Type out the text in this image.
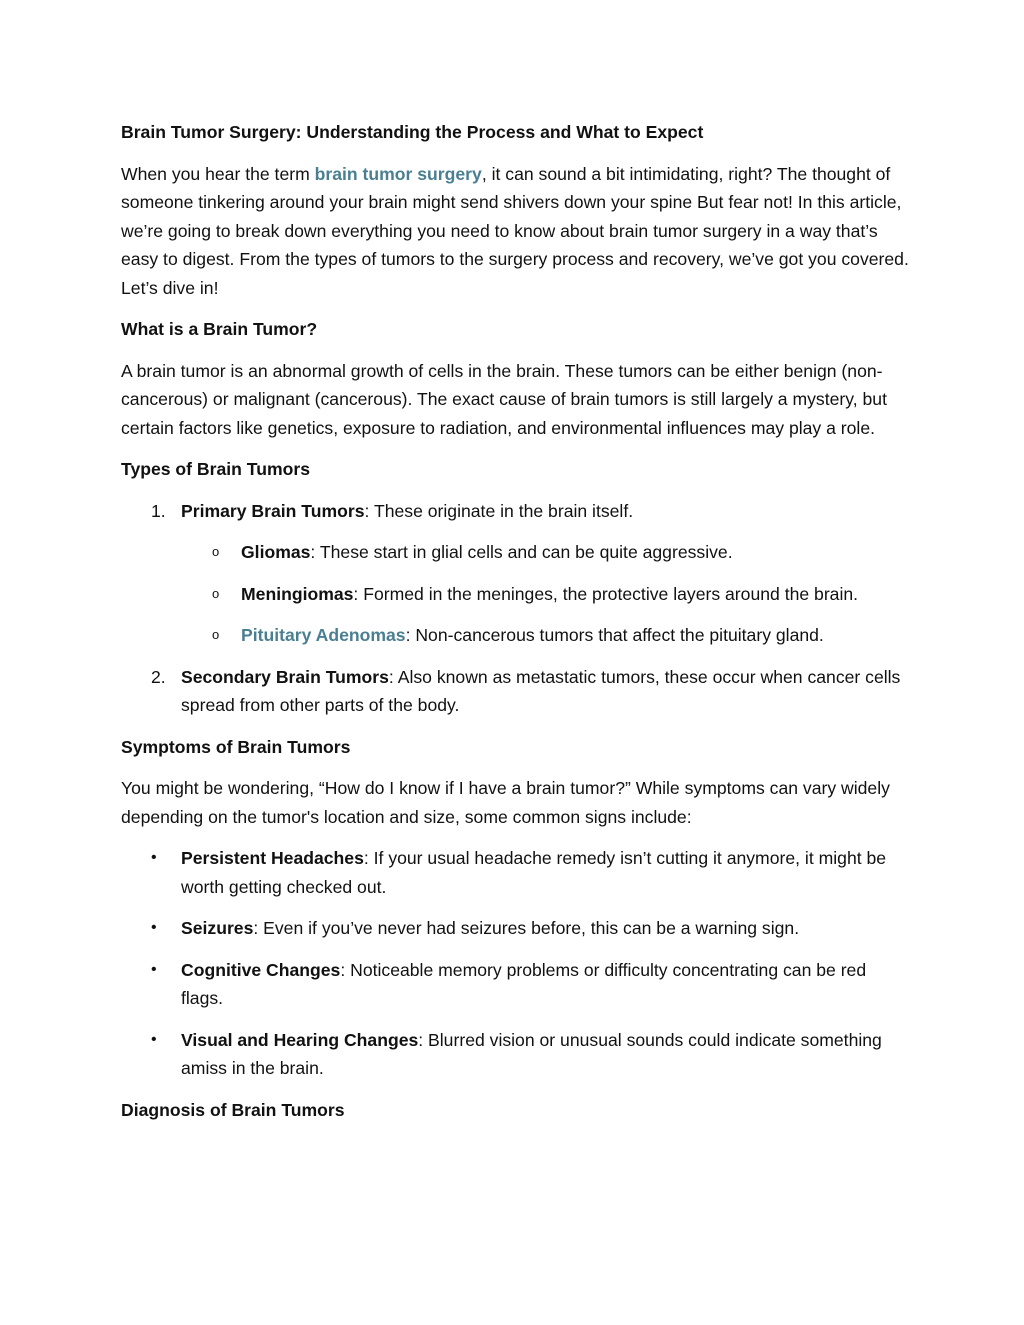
Brain Tumor Surgery: Understanding the Process and What to Expect
When you hear the term brain tumor surgery, it can sound a bit intimidating, right? The thought of someone tinkering around your brain might send shivers down your spine But fear not! In this article, we’re going to break down everything you need to know about brain tumor surgery in a way that’s easy to digest. From the types of tumors to the surgery process and recovery, we’ve got you covered. Let’s dive in!
What is a Brain Tumor?
A brain tumor is an abnormal growth of cells in the brain. These tumors can be either benign (non-cancerous) or malignant (cancerous). The exact cause of brain tumors is still largely a mystery, but certain factors like genetics, exposure to radiation, and environmental influences may play a role.
Types of Brain Tumors
1. Primary Brain Tumors: These originate in the brain itself.
o Gliomas: These start in glial cells and can be quite aggressive.
o Meningiomas: Formed in the meninges, the protective layers around the brain.
o Pituitary Adenomas: Non-cancerous tumors that affect the pituitary gland.
2. Secondary Brain Tumors: Also known as metastatic tumors, these occur when cancer cells spread from other parts of the body.
Symptoms of Brain Tumors
You might be wondering, “How do I know if I have a brain tumor?” While symptoms can vary widely depending on the tumor's location and size, some common signs include:
• Persistent Headaches: If your usual headache remedy isn’t cutting it anymore, it might be worth getting checked out.
• Seizures: Even if you’ve never had seizures before, this can be a warning sign.
• Cognitive Changes: Noticeable memory problems or difficulty concentrating can be red flags.
• Visual and Hearing Changes: Blurred vision or unusual sounds could indicate something amiss in the brain.
Diagnosis of Brain Tumors
